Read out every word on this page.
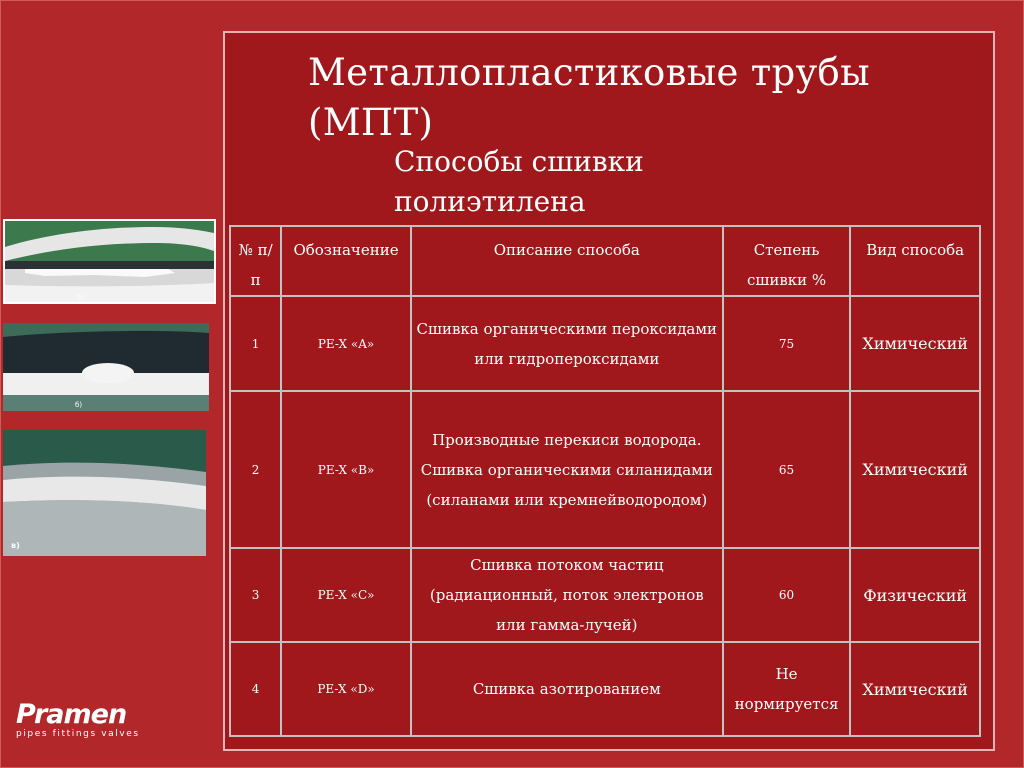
Металлопластиковые трубы (МПТ)
Способы сшивки полиэтилена
№ п/п	Обозначение	Описание способа	Степень сшивки %	Вид способа
1	PE-X «A»	Сшивка органическими пероксидами или гидропероксидами	75	Химический
2	PE-X «B»	Производные перекиси водорода. Сшивка органическими силанидами (силанами или кремнейводородом)	65	Химический
3	PE-X «C»	Сшивка потоком частиц (радиационный, поток электронов или гамма-лучей)	60	Физический
4	PE-X «D»	Сшивка азотированием	Не нормируется	Химический
а)
б)
в)
Pramen
pipes fittings valves
